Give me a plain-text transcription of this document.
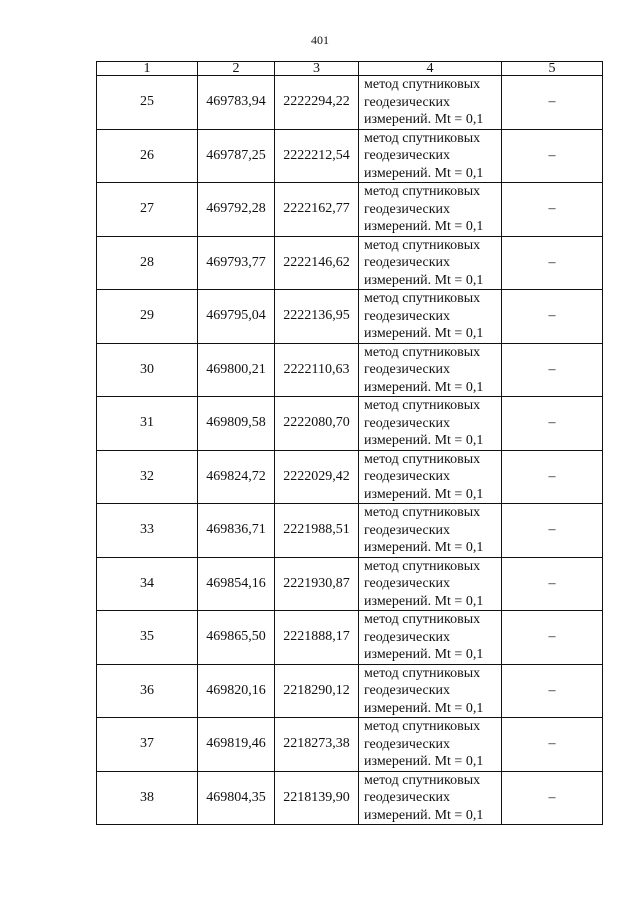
401
1	2	3	4	5
25	469783,94	2222294,22	метод спутниковых
геодезических
измерений. Mt = 0,1	–
26	469787,25	2222212,54	метод спутниковых
геодезических
измерений. Mt = 0,1	–
27	469792,28	2222162,77	метод спутниковых
геодезических
измерений. Mt = 0,1	–
28	469793,77	2222146,62	метод спутниковых
геодезических
измерений. Mt = 0,1	–
29	469795,04	2222136,95	метод спутниковых
геодезических
измерений. Mt = 0,1	–
30	469800,21	2222110,63	метод спутниковых
геодезических
измерений. Mt = 0,1	–
31	469809,58	2222080,70	метод спутниковых
геодезических
измерений. Mt = 0,1	–
32	469824,72	2222029,42	метод спутниковых
геодезических
измерений. Mt = 0,1	–
33	469836,71	2221988,51	метод спутниковых
геодезических
измерений. Mt = 0,1	–
34	469854,16	2221930,87	метод спутниковых
геодезических
измерений. Mt = 0,1	–
35	469865,50	2221888,17	метод спутниковых
геодезических
измерений. Mt = 0,1	–
36	469820,16	2218290,12	метод спутниковых
геодезических
измерений. Mt = 0,1	–
37	469819,46	2218273,38	метод спутниковых
геодезических
измерений. Mt = 0,1	–
38	469804,35	2218139,90	метод спутниковых
геодезических
измерений. Mt = 0,1	–
